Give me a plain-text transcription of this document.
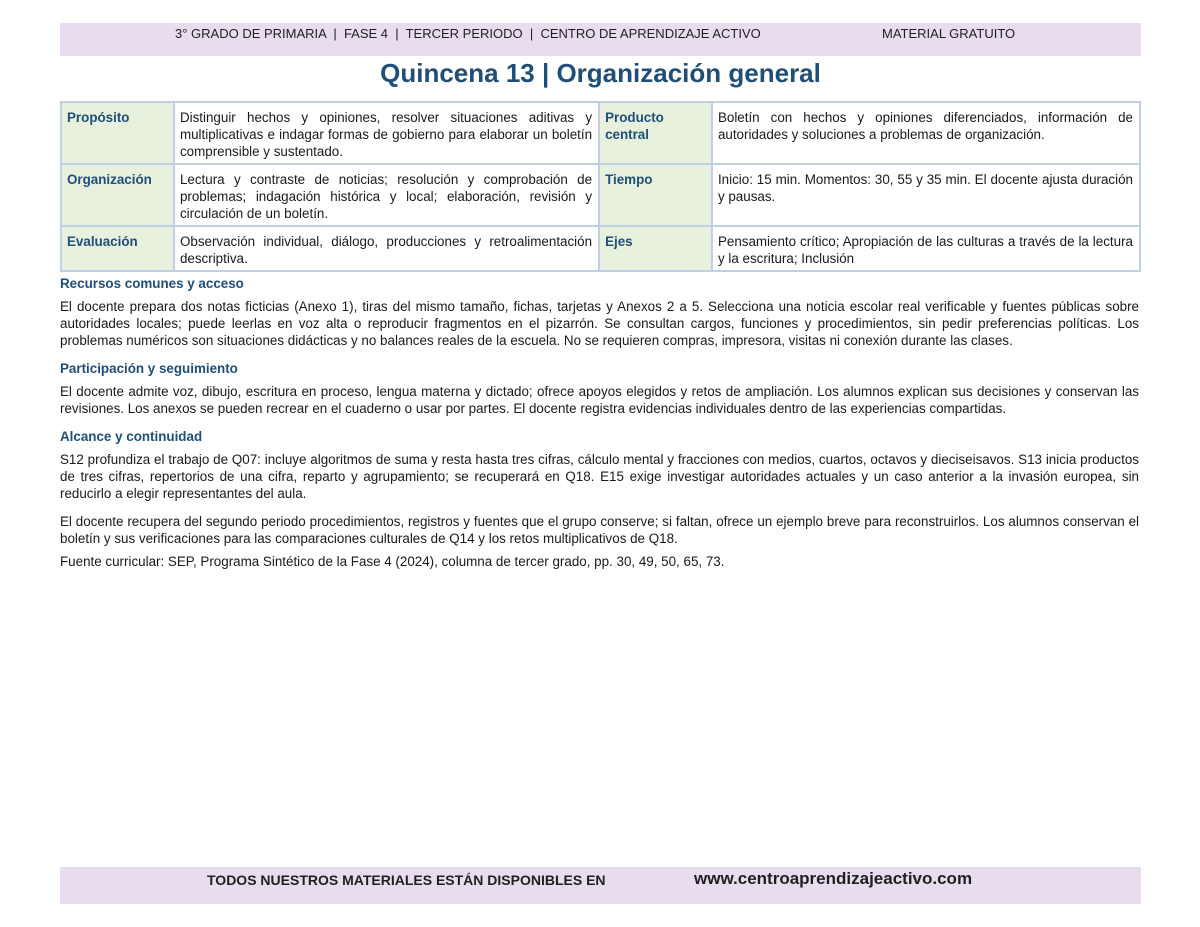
3° GRADO DE PRIMARIA  |  FASE 4  |  TERCER PERIODO  |  CENTRO DE APRENDIZAJE ACTIVO	MATERIAL GRATUITO
Quincena 13 | Organización general
Propósito	Distinguir hechos y opiniones, resolver situaciones aditivas y multiplicativas e indagar formas de gobierno para elaborar un boletín comprensible y sustentado.	Producto central	Boletín con hechos y opiniones diferenciados, información de autoridades y soluciones a problemas de organización.
Organización	Lectura y contraste de noticias; resolución y comprobación de problemas; indagación histórica y local; elaboración, revisión y circulación de un boletín.	Tiempo	Inicio: 15 min. Momentos: 30, 55 y 35 min. El docente ajusta duración y pausas.
Evaluación	Observación individual, diálogo, producciones y retroalimentación descriptiva.	Ejes	Pensamiento crítico; Apropiación de las culturas a través de la lectura y la escritura; Inclusión
Recursos comunes y acceso

El docente prepara dos notas ficticias (Anexo 1), tiras del mismo tamaño, fichas, tarjetas y Anexos 2 a 5. Selecciona una noticia escolar real verificable y fuentes públicas sobre autoridades locales; puede leerlas en voz alta o reproducir fragmentos en el pizarrón. Se consultan cargos, funciones y procedimientos, sin pedir preferencias políticas. Los problemas numéricos son situaciones didácticas y no balances reales de la escuela. No se requieren compras, impresora, visitas ni conexión durante las clases.

Participación y seguimiento

El docente admite voz, dibujo, escritura en proceso, lengua materna y dictado; ofrece apoyos elegidos y retos de ampliación. Los alumnos explican sus decisiones y conservan las revisiones. Los anexos se pueden recrear en el cuaderno o usar por partes. El docente registra evidencias individuales dentro de las experiencias compartidas.

Alcance y continuidad

S12 profundiza el trabajo de Q07: incluye algoritmos de suma y resta hasta tres cifras, cálculo mental y fracciones con medios, cuartos, octavos y dieciseisavos. S13 inicia productos de tres cifras, repertorios de una cifra, reparto y agrupamiento; se recuperará en Q18. E15 exige investigar autoridades actuales y un caso anterior a la invasión europea, sin reducirlo a elegir representantes del aula.

El docente recupera del segundo periodo procedimientos, registros y fuentes que el grupo conserve; si faltan, ofrece un ejemplo breve para reconstruirlos. Los alumnos conservan el boletín y sus verificaciones para las comparaciones culturales de Q14 y los retos multiplicativos de Q18.

Fuente curricular: SEP, Programa Sintético de la Fase 4 (2024), columna de tercer grado, pp. 30, 49, 50, 65, 73.

TODOS NUESTROS MATERIALES ESTÁN DISPONIBLES EN	www.centroaprendizajeactivo.com
